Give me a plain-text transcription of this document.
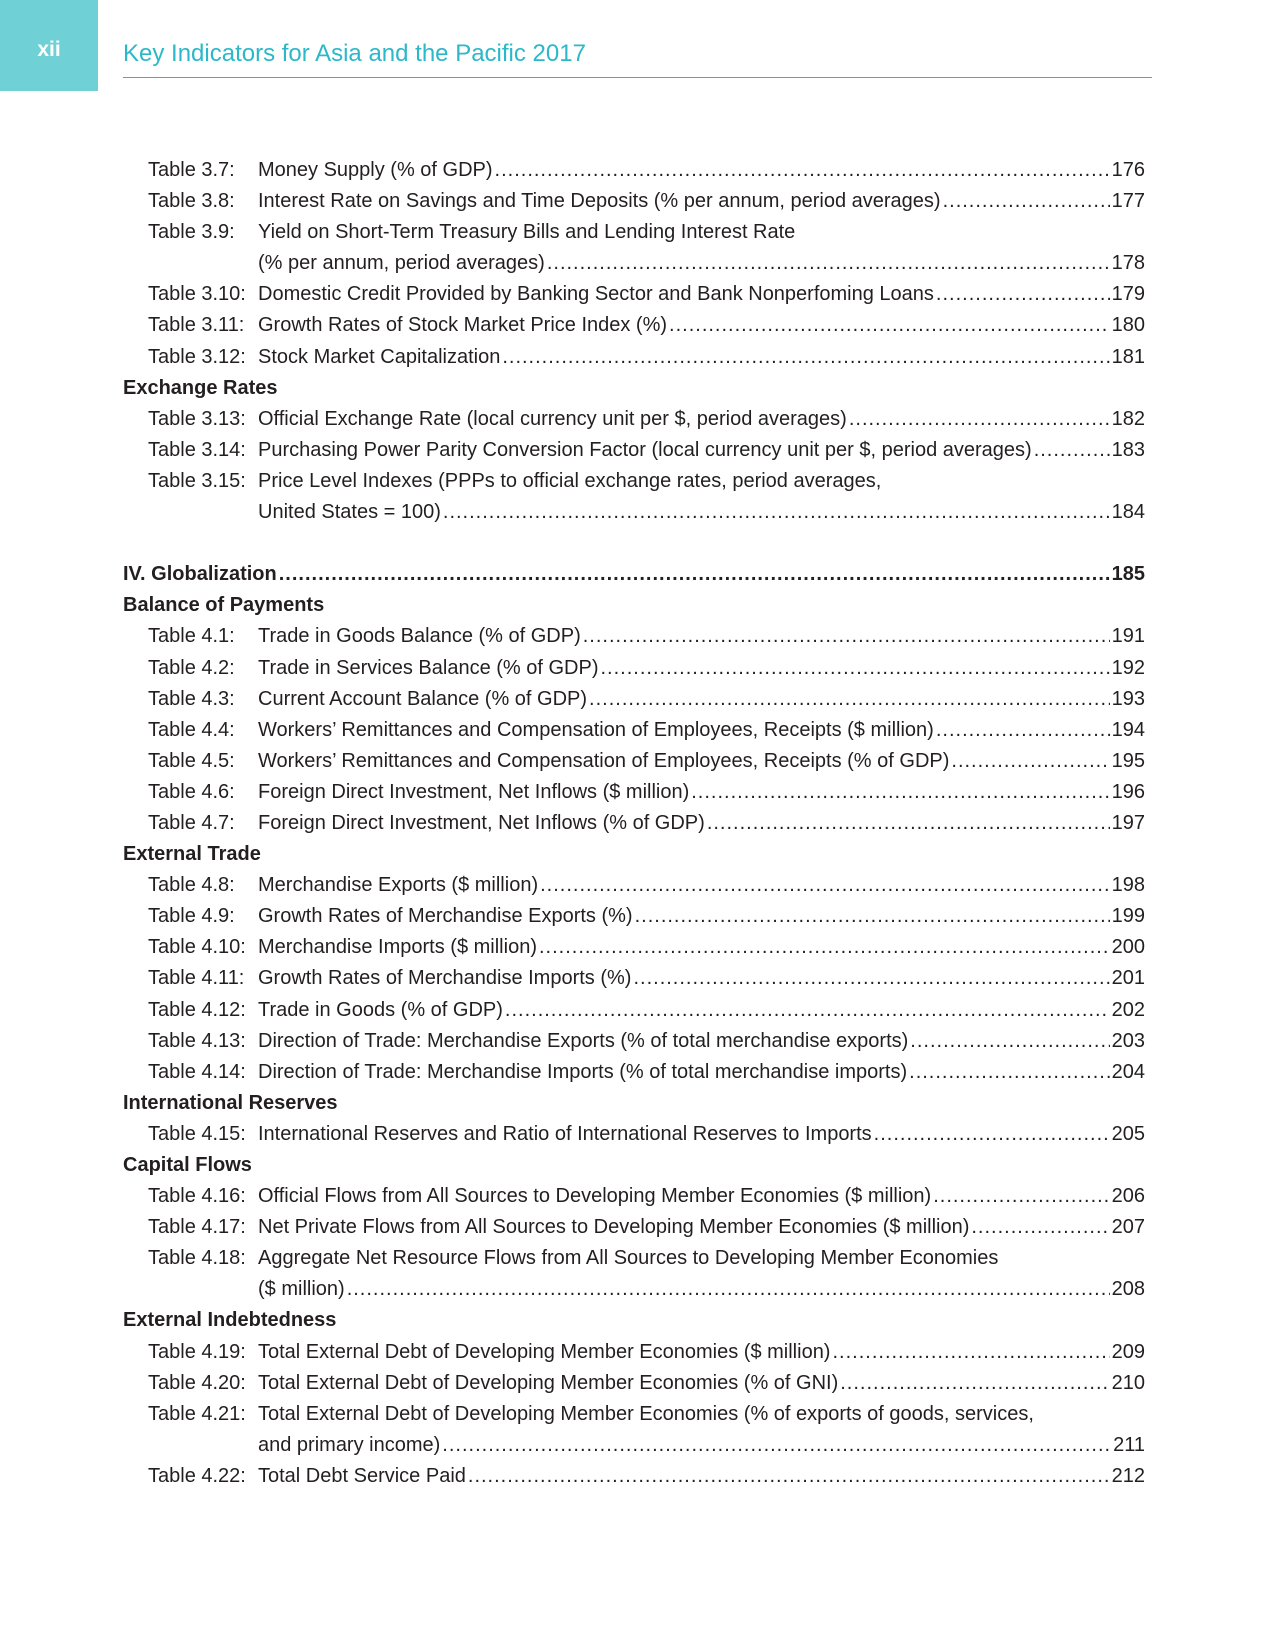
xii	Key Indicators for Asia and the Pacific 2017
Table 3.7:	Money Supply (% of GDP) .....	176
Table 3.8:	Interest Rate on Savings and Time Deposits (% per annum, period averages) .....	177
Table 3.9:	Yield on Short-Term Treasury Bills and Lending Interest Rate
(% per annum, period averages) .....	178
Table 3.10: Domestic Credit Provided by Banking Sector and Bank Nonperfoming Loans .....	179
Table 3.11: Growth Rates of Stock Market Price Index (%) .....	180
Table 3.12: Stock Market Capitalization .....	181
Exchange Rates
Table 3.13: Official Exchange Rate (local currency unit per $, period averages) .....	182
Table 3.14: Purchasing Power Parity Conversion Factor (local currency unit per $, period averages) .....	183
Table 3.15: Price Level Indexes (PPPs to official exchange rates, period averages,
United States = 100) .....	184
IV. Globalization .....	185
Balance of Payments
Table 4.1:	Trade in Goods Balance (% of GDP) .....	191
Table 4.2:	Trade in Services Balance (% of GDP) .....	192
Table 4.3:	Current Account Balance (% of GDP) .....	193
Table 4.4:	Workers’ Remittances and Compensation of Employees, Receipts ($ million) .....	194
Table 4.5:	Workers’ Remittances and Compensation of Employees, Receipts (% of GDP) .....	195
Table 4.6:	Foreign Direct Investment, Net Inflows ($ million) .....	196
Table 4.7:	Foreign Direct Investment, Net Inflows (% of GDP) .....	197
External Trade
Table 4.8:	Merchandise Exports ($ million) .....	198
Table 4.9:	Growth Rates of Merchandise Exports (%) .....	199
Table 4.10: Merchandise Imports ($ million) .....	200
Table 4.11: Growth Rates of Merchandise Imports (%) .....	201
Table 4.12: Trade in Goods (% of GDP) .....	202
Table 4.13: Direction of Trade: Merchandise Exports (% of total merchandise exports) .....	203
Table 4.14: Direction of Trade: Merchandise Imports (% of total merchandise imports) .....	204
International Reserves
Table 4.15: International Reserves and Ratio of International Reserves to Imports .....	205
Capital Flows
Table 4.16: Official Flows from All Sources to Developing Member Economies ($ million) .....	206
Table 4.17: Net Private Flows from All Sources to Developing Member Economies ($ million) .....	207
Table 4.18: Aggregate Net Resource Flows from All Sources to Developing Member Economies
($ million) .....	208
External Indebtedness
Table 4.19: Total External Debt of Developing Member Economies ($ million) .....	209
Table 4.20: Total External Debt of Developing Member Economies (% of GNI) .....	210
Table 4.21: Total External Debt of Developing Member Economies (% of exports of goods, services,
and primary income) .....	211
Table 4.22: Total Debt Service Paid .....	212
